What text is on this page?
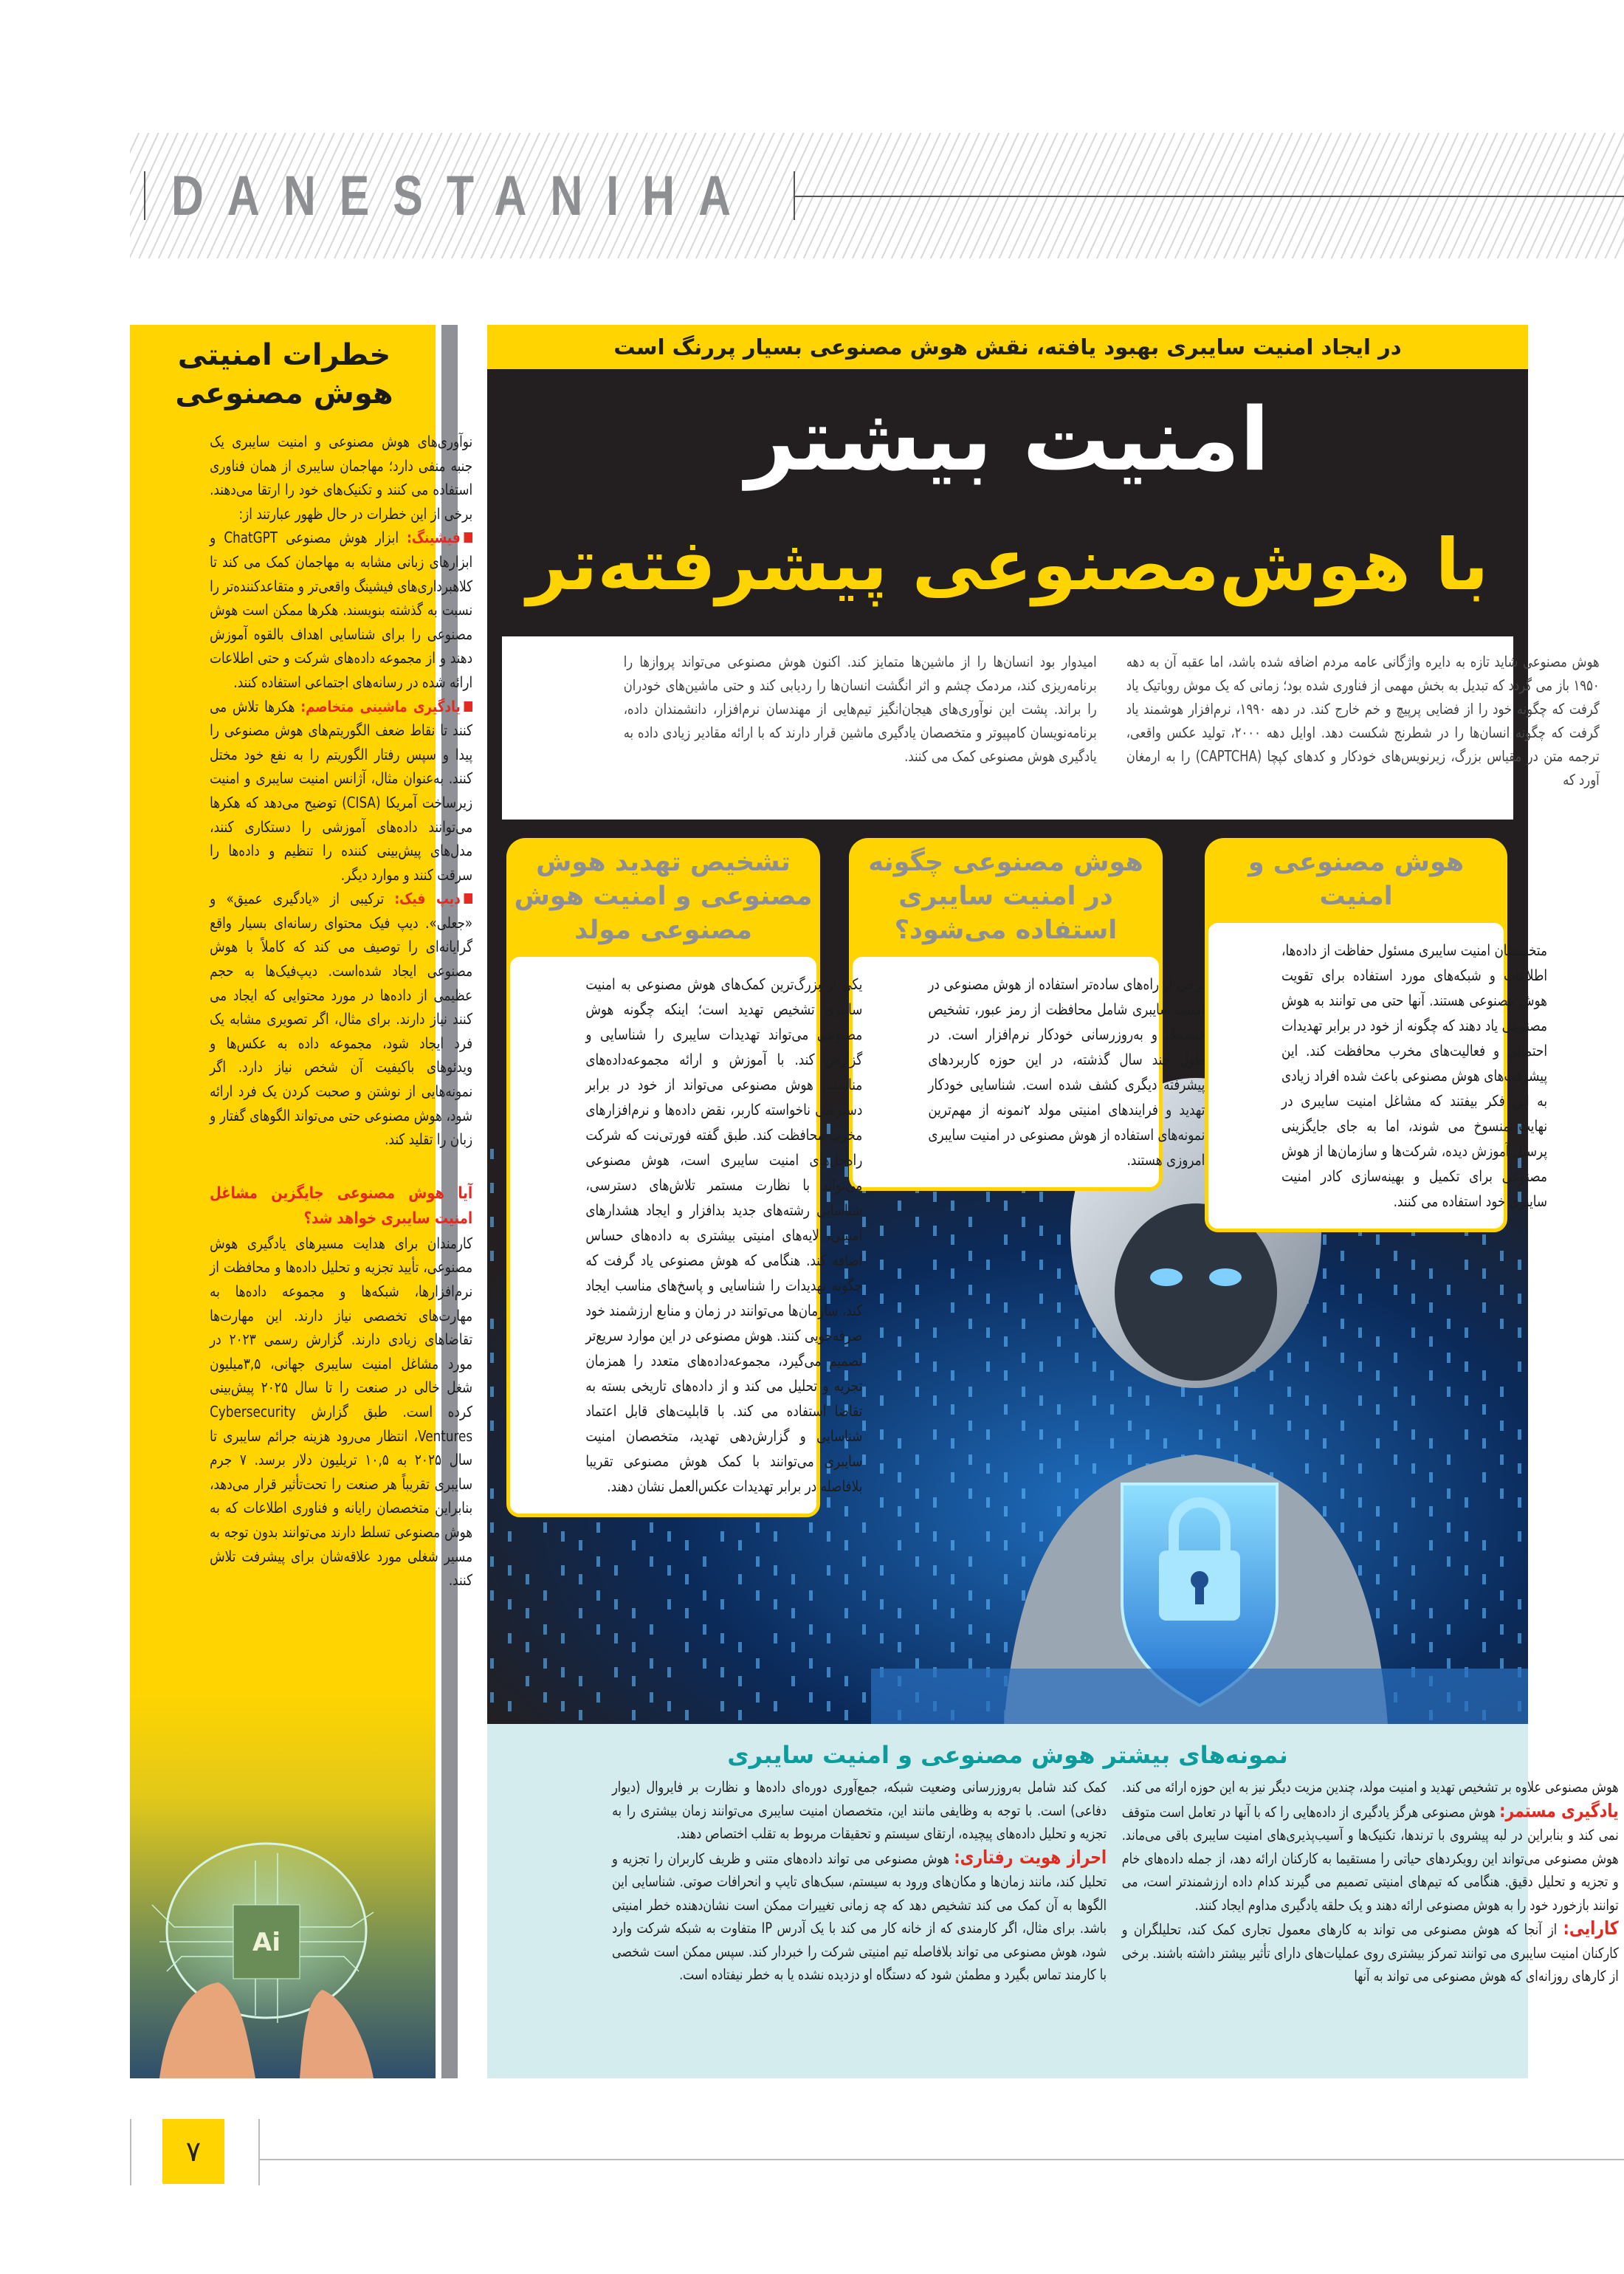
DANESTANIHA
خطرات امنیتی
هوش مصنوعی

نوآوری‌های هوش مصنوعی و امنیت سایبری یک جنبه منفی دارد؛ مهاجمان سایبری از همان فناوری استفاده می کنند و تکنیک‌های خود را ارتقا می‌دهند. برخی از این خطرات در حال ظهور عبارتند از:

فیشینگ: ابزار هوش مصنوعی ChatGPT و ابزارهای زبانی مشابه به مهاجمان کمک می کند تا کلاهبرداری‌های فیشینگ واقعی‌تر و متقاعدکننده‌تر را نسبت به گذشته بنویسند. هکرها ممکن است هوش مصنوعی را برای شناسایی اهداف بالقوه آموزش دهند و از مجموعه داده‌های شرکت و حتی اطلاعات ارائه شده در رسانه‌های اجتماعی استفاده کنند.

یادگیری ماشینی متخاصم: هکرها تلاش می کنند تا نقاط ضعف الگوریتم‌های هوش مصنوعی را پیدا و سپس رفتار الگوریتم را به نفع خود مختل کنند. به‌عنوان مثال، آژانس امنیت سایبری و امنیت زیرساخت آمریکا (CISA) توضیح می‌دهد که هکرها می‌توانند داده‌های آموزشی را دستکاری کنند، مدل‌های پیش‌بینی کننده را تنظیم و داده‌ها را سرقت کنند و موارد دیگر.

دیپ فیک: ترکیبی از «یادگیری عمیق» و «جعلی». دیپ فیک محتوای رسانه‌ای بسیار واقع گرایانه‌ای را توصیف می کند که کاملاً با هوش مصنوعی ایجاد شده‌است. دیپ‌فیک‌ها به حجم عظیمی از داده‌ها در مورد محتوایی که ایجاد می کنند نیاز دارند. برای مثال، اگر تصویری مشابه یک فرد ایجاد شود، مجموعه داده به عکس‌ها و ویدئوهای باکیفیت آن شخص نیاز دارد. اگر نمونه‌هایی از نوشتن و صحبت کردن یک فرد ارائه شود، هوش مصنوعی حتی می‌تواند الگوهای گفتار و زبان را تقلید کند.

آیا هوش مصنوعی جایگزین مشاغل امنیت سایبری خواهد شد؟

کارمندان برای هدایت مسیرهای یادگیری هوش مصنوعی، تأیید تجزیه و تحلیل داده‌ها و محافظت از نرم‌افزارها، شبکه‌ها و مجموعه داده‌ها به مهارت‌های تخصصی نیاز دارند. این مهارت‌ها تقاضاهای زیادی دارند. گزارش رسمی ۲۰۲۳ در مورد مشاغل امنیت سایبری جهانی، ۳,۵میلیون شغل خالی در صنعت را تا سال ۲۰۲۵ پیش‌بینی کرده است. طبق گزارش Cybersecurity Ventures، انتظار می‌رود هزینه جرائم سایبری تا سال ۲۰۲۵ به ۱۰,۵ تریلیون دلار برسد. ۷ جرم سایبری تقریباً هر صنعت را تحت‌تأثیر قرار می‌دهد، بنابراین متخصصان رایانه و فناوری اطلاعات که به هوش مصنوعی تسلط دارند می‌توانند بدون توجه به مسیر شغلی مورد علاقه‌شان برای پیشرفت تلاش کنند.

Ai
در ایجاد امنیت سایبری بهبود یافته، نقش هوش مصنوعی بسیار پررنگ است
امنیت بیشتر
با هوش‌مصنوعی پیشرفته‌تر

هوش مصنوعی شاید تازه به دایره واژگانی عامه مردم اضافه شده باشد، اما عقبه آن به دهه ۱۹۵۰ باز می گردد که تبدیل به بخش مهمی از فناوری شده بود؛ زمانی که یک موش روباتیک یاد گرفت که چگونه خود را از فضایی پرپیچ و خم خارج کند. در دهه ۱۹۹۰، نرم‌افزار هوشمند یاد گرفت که چگونه انسان‌ها را در شطرنج شکست دهد. اوایل دهه ۲۰۰۰، تولید عکس واقعی، ترجمه متن در مقیاس بزرگ، زیرنویس‌های خودکار و کدهای کپچا (CAPTCHA) را به ارمغان آورد که

امیدوار بود انسان‌ها را از ماشین‌ها متمایز کند. اکنون هوش مصنوعی می‌تواند پروازها را برنامه‌ریزی کند، مردمک چشم و اثر انگشت انسان‌ها را ردیابی کند و حتی ماشین‌های خودران را براند. پشت این نوآوری‌های هیجان‌انگیز تیم‌هایی از مهندسان نرم‌افزار، دانشمندان داده، برنامه‌نویسان کامپیوتر و متخصصان یادگیری ماشین قرار دارند که با ارائه مقادیر زیادی داده به یادگیری هوش مصنوعی کمک می کنند.

هوش مصنوعی و امنیت
متخصصان امنیت سایبری مسئول حفاظت از داده‌ها، اطلاعات و شبکه‌های مورد استفاده برای تقویت هوش مصنوعی هستند. آنها حتی می توانند به هوش مصنوعی یاد دهند که چگونه از خود در برابر تهدیدات احتمالی و فعالیت‌های مخرب محافظت کند. این پیشرفت‌های هوش مصنوعی باعث شده افراد زیادی به این فکر بیفتند که مشاغل امنیت سایبری در نهایت منسوخ می شوند، اما به جای جایگزینی پرسنل آموزش دیده، شرکت‌ها و سازمان‌ها از هوش مصنوعی برای تکمیل و بهینه‌سازی کادر امنیت سایبری خود استفاده می کنند.
هوش مصنوعی چگونه در امنیت سایبری استفاده می‌شود؟
برخی از راه‌های ساده‌تر استفاده از هوش مصنوعی در امنیت سایبری شامل محافظت از رمز عبور، تشخیص فیشینگ و به‌روزرسانی خودکار نرم‌افزار است. در طول چند سال گذشته، در این حوزه کاربردهای پیشرفته دیگری کشف شده است. شناسایی خودکار تهدید و فرایندهای امنیتی مولد ۲نمونه از مهم‌ترین نمونه‌های استفاده از هوش مصنوعی در امنیت سایبری امروزی هستند.
تشخیص تهدید هوش مصنوعی و امنیت هوش مصنوعی مولد
یکی از بزرگ‌ترین کمک‌های هوش مصنوعی به امنیت سایبری تشخیص تهدید است؛ اینکه چگونه هوش مصنوعی می‌تواند تهدیدات سایبری را شناسایی و گزارش کند. با آموزش و ارائه مجموعه‌داده‌های مناسب، هوش مصنوعی می‌تواند از خود در برابر دسترسی ناخواسته کاربر، نقض داده‌ها و نرم‌افزارهای مخرب محافظت کند. طبق گفته فورتی‌نت که شرکت راه‌حل‌های امنیت سایبری است، هوش مصنوعی می‌تواند با نظارت مستمر تلاش‌های دسترسی، شناسایی رشته‌های جدید بدافزار و ایجاد هشدارهای امنیتی، لایه‌های امنیتی بیشتری به داده‌های حساس اضافه کند. هنگامی که هوش مصنوعی یاد گرفت که چگونه تهدیدات را شناسایی و پاسخ‌های مناسب ایجاد کند، سازمان‌ها می‌توانند در زمان و منابع ارزشمند خود صرفه‌جویی کنند. هوش مصنوعی در این موارد سریع‌تر تصمیم می‌گیرد، مجموعه‌داده‌های متعدد را همزمان تجزیه و تحلیل می کند و از داده‌های تاریخی بسته به تقاضا استفاده می کند. با قابلیت‌های قابل اعتماد شناسایی و گزارش‌دهی تهدید، متخصصان امنیت سایبری می‌توانند با کمک هوش مصنوعی تقریبا بلافاصله در برابر تهدیدات عکس‌العمل نشان دهند.
نمونه‌های بیشتر هوش مصنوعی و امنیت سایبری

هوش مصنوعی علاوه بر تشخیص تهدید و امنیت مولد، چندین مزیت دیگر نیز به این حوزه ارائه می کند.

یادگیری مستمر: هوش مصنوعی هرگز یادگیری از داده‌هایی را که با آنها در تعامل است متوقف نمی کند و بنابراین در لبه پیشروی با ترندها، تکنیک‌ها و آسیب‌پذیری‌های امنیت سایبری باقی می‌ماند. هوش مصنوعی می‌تواند این رویکردهای حیاتی را مستقیما به کارکنان ارائه دهد، از جمله داده‌های خام و تجزیه و تحلیل دقیق. هنگامی که تیم‌های امنیتی تصمیم می گیرند کدام داده ارزشمندتر است، می توانند بازخورد خود را به هوش مصنوعی ارائه دهند و یک حلقه یادگیری مداوم ایجاد کنند.

کارایی: از آنجا که هوش مصنوعی می تواند به کارهای معمول تجاری کمک کند، تحلیلگران و کارکنان امنیت سایبری می توانند تمرکز بیشتری روی عملیات‌های دارای تأثیر بیشتر داشته باشند. برخی از کارهای روزانه‌ای که هوش مصنوعی می تواند به آنها

کمک کند شامل به‌روزرسانی وضعیت شبکه، جمع‌آوری دوره‌ای داده‌ها و نظارت بر فایروال (دیوار دفاعی) است. با توجه به وظایفی مانند این، متخصصان امنیت سایبری می‌توانند زمان بیشتری را به تجزیه و تحلیل داده‌های پیچیده، ارتقای سیستم و تحقیقات مربوط به تقلب اختصاص دهند.

احراز هویت رفتاری: هوش مصنوعی می تواند داده‌های متنی و ظریف کاربران را تجزیه و تحلیل کند، مانند زمان‌ها و مکان‌های ورود به سیستم، سبک‌های تایپ و انحرافات صوتی. شناسایی این الگوها به آن کمک می کند تشخیص دهد که چه زمانی تغییرات ممکن است نشان‌دهنده خطر امنیتی باشد. برای مثال، اگر کارمندی که از خانه کار می کند با یک آدرس IP متفاوت به شبکه شرکت وارد شود، هوش مصنوعی می تواند بلافاصله تیم امنیتی شرکت را خبردار کند. سپس ممکن است شخصی با کارمند تماس بگیرد و مطمئن شود که دستگاه او دزدیده نشده یا به خطر نیفتاده است.

۷
